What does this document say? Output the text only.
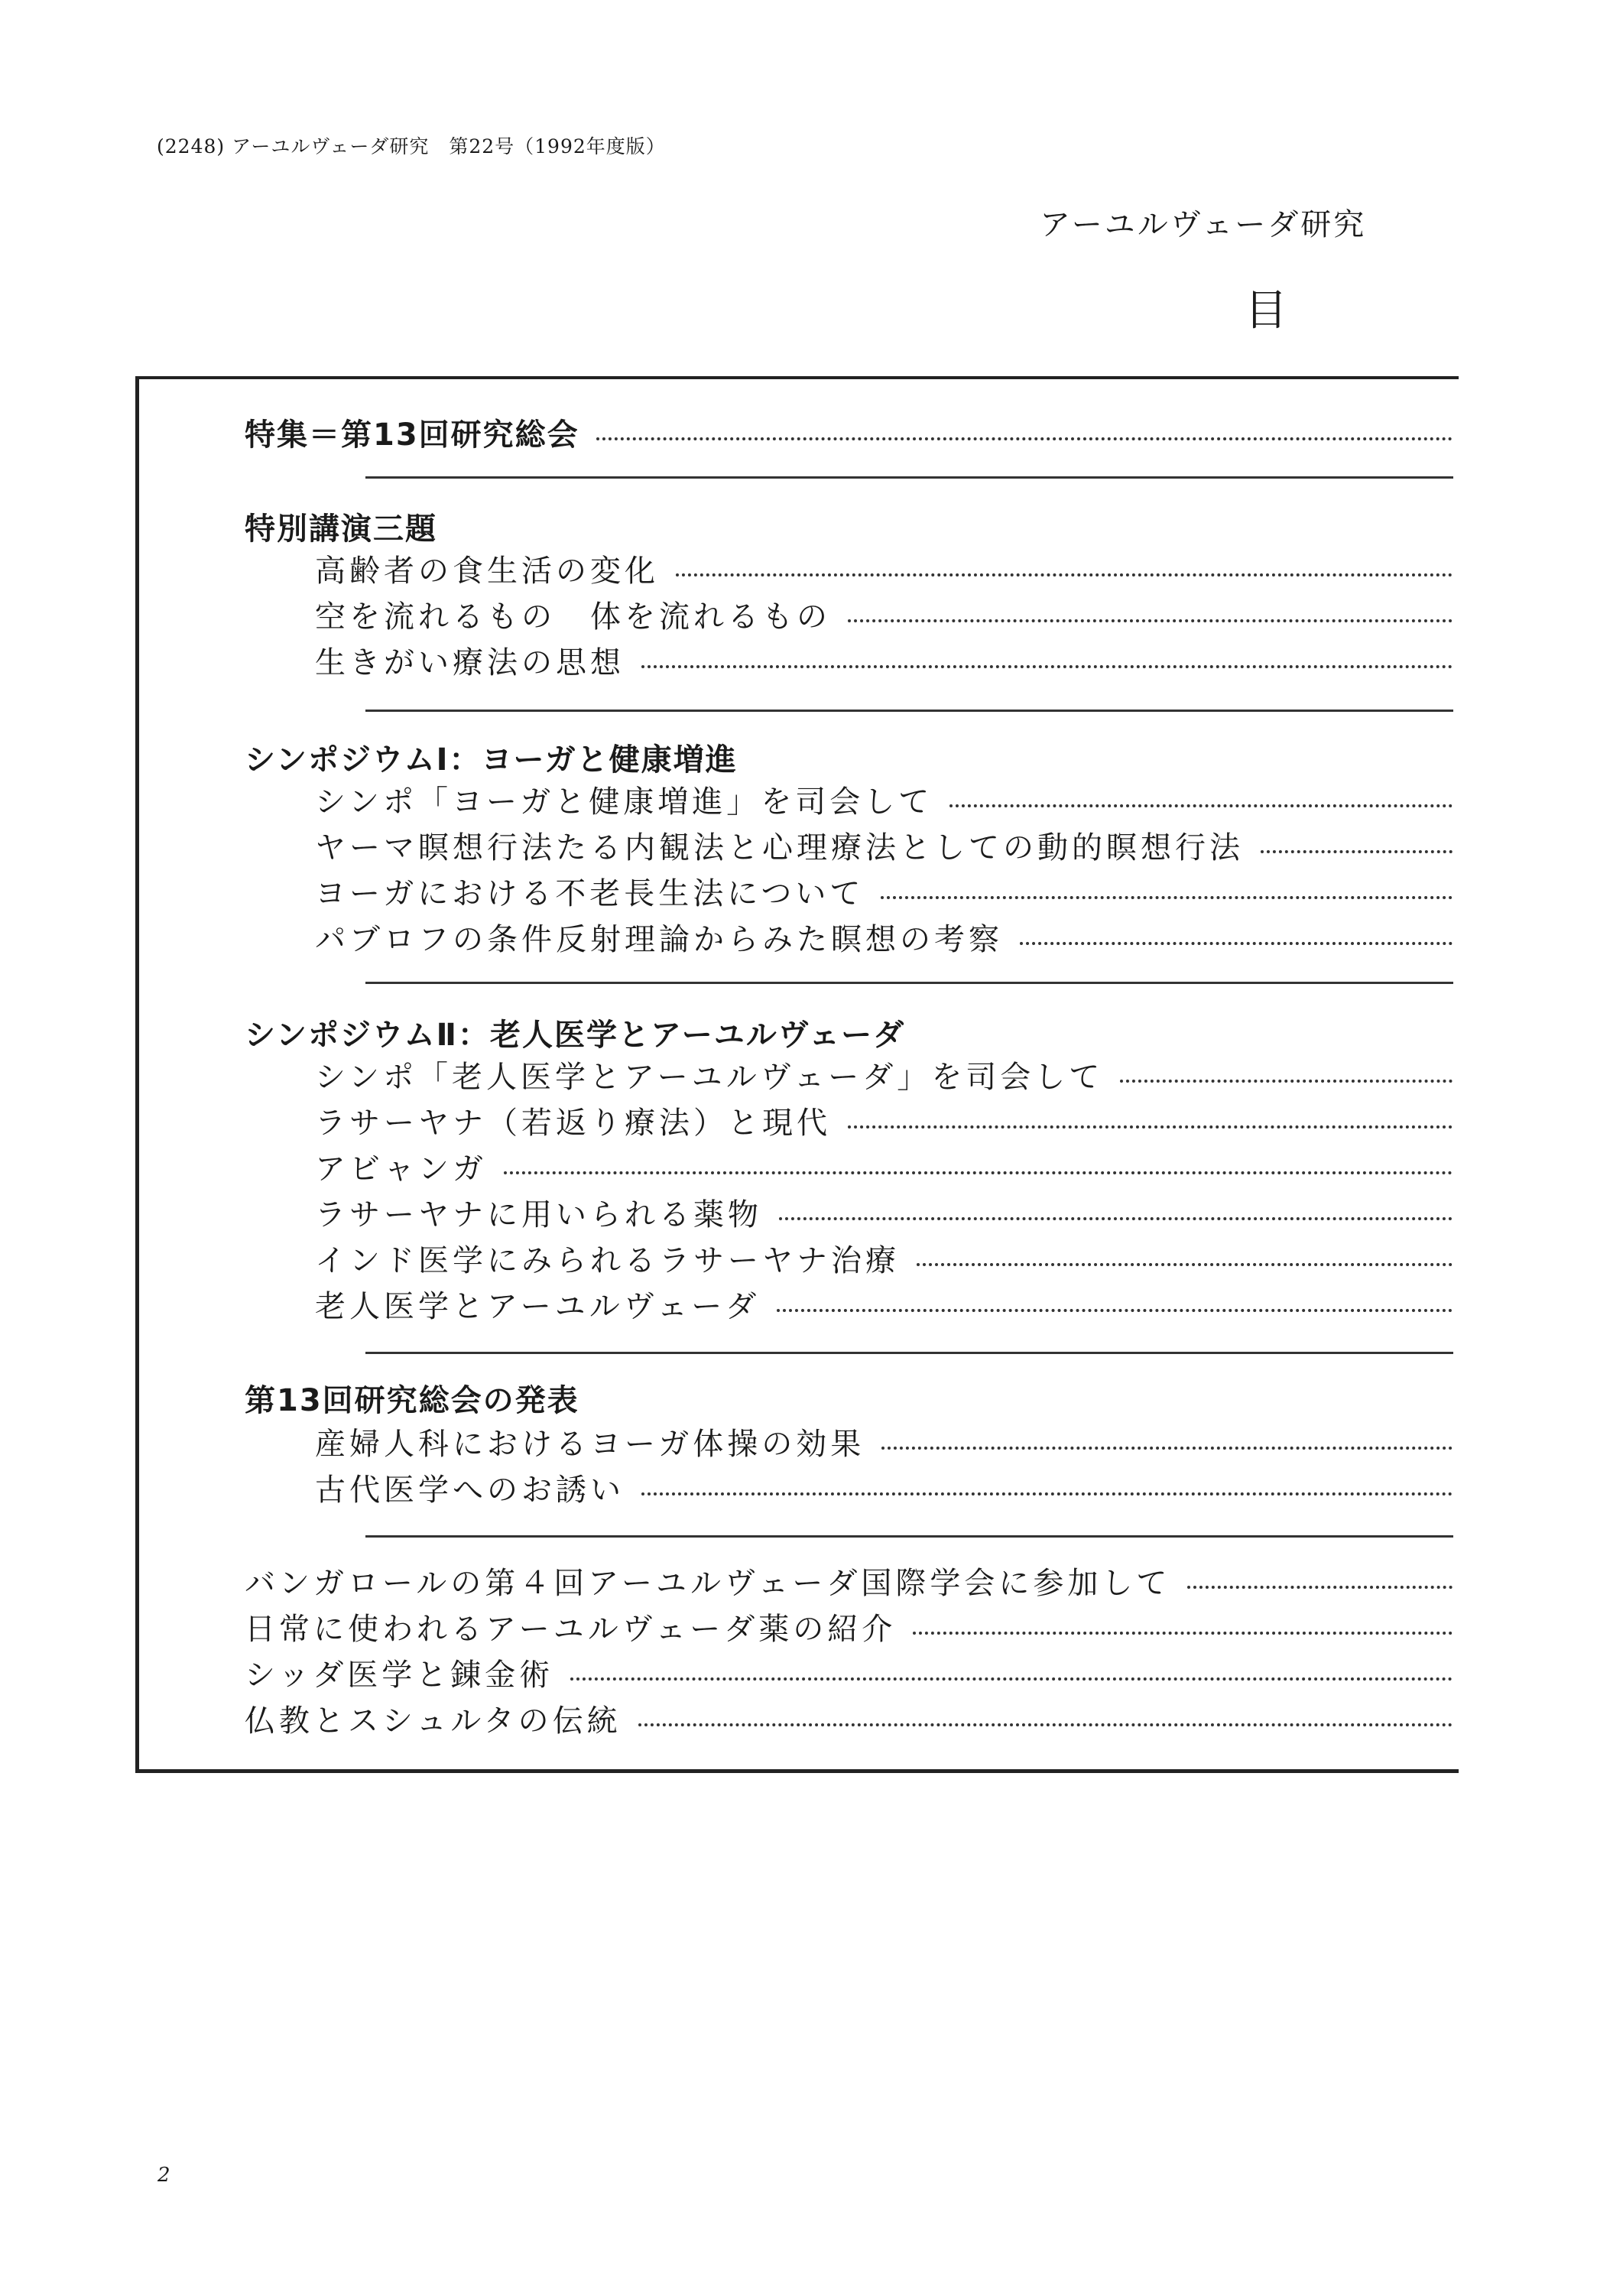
(2248) アーユルヴェーダ研究　第22号（1992年度版）
アーユルヴェーダ研究
目
特集＝第13回研究総会
特別講演三題
高齢者の食生活の変化
空を流れるもの　体を流れるもの
生きがい療法の思想
シンポジウムⅠ：ヨーガと健康増進
シンポ「ヨーガと健康増進」を司会して
ヤーマ瞑想行法たる内観法と心理療法としての動的瞑想行法
ヨーガにおける不老長生法について
パブロフの条件反射理論からみた瞑想の考察
シンポジウムⅡ：老人医学とアーユルヴェーダ
シンポ「老人医学とアーユルヴェーダ」を司会して
ラサーヤナ（若返り療法）と現代
アビャンガ
ラサーヤナに用いられる薬物
インド医学にみられるラサーヤナ治療
老人医学とアーユルヴェーダ
第13回研究総会の発表
産婦人科におけるヨーガ体操の効果
古代医学へのお誘い
バンガロールの第４回アーユルヴェーダ国際学会に参加して
日常に使われるアーユルヴェーダ薬の紹介
シッダ医学と錬金術
仏教とスシュルタの伝統
2
